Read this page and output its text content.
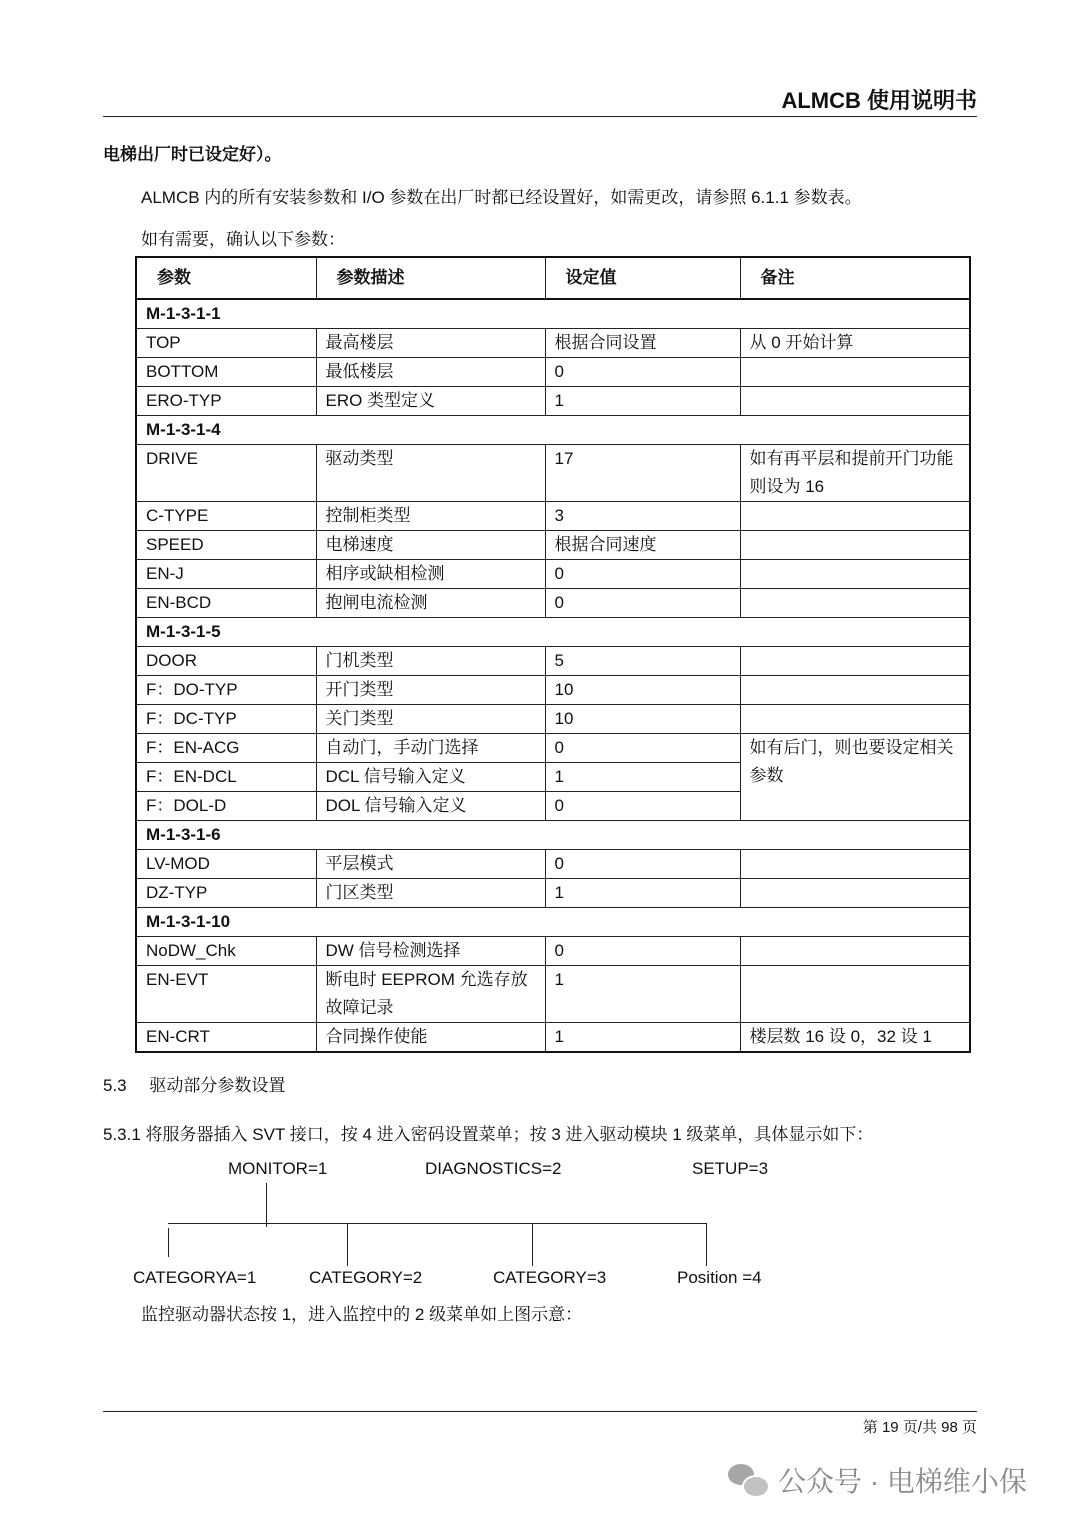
ALMCB 使用说明书
电梯出厂时已设定好）。
ALMCB 内的所有安装参数和 I/O 参数在出厂时都已经设置好，如需更改，请参照 6.1.1 参数表。
如有需要，确认以下参数：
参数	参数描述	设定值	备注
M-1-3-1-1			
TOP	最高楼层	根据合同设置	从 0 开始计算
BOTTOM	最低楼层	0	
ERO-TYP	ERO 类型定义	1	
M-1-3-1-4			
DRIVE	驱动类型	17	如有再平层和提前开门功能则设为 16
C-TYPE	控制柜类型	3	
SPEED	电梯速度	根据合同速度	
EN-J	相序或缺相检测	0	
EN-BCD	抱闸电流检测	0	
M-1-3-1-5			
DOOR	门机类型	5	
F：DO-TYP	开门类型	10	
F：DC-TYP	关门类型	10	
F：EN-ACG	自动门，手动门选择	0	如有后门，则也要设定相关参数
F：EN-DCL	DCL 信号输入定义	1	
F：DOL-D	DOL 信号输入定义	0	
M-1-3-1-6			
LV-MOD	平层模式	0	
DZ-TYP	门区类型	1	
M-1-3-1-10			
NoDW_Chk	DW 信号检测选择	0	
EN-EVT	断电时 EEPROM 允选存放故障记录	1	
EN-CRT	合同操作使能	1	楼层数 16 设 0，32 设 1
5.3 驱动部分参数设置
5.3.1 将服务器插入 SVT 接口，按 4 进入密码设置菜单；按 3 进入驱动模块 1 级菜单，具体显示如下：
MONITOR=1	DIAGNOSTICS=2	SETUP=3
CATEGORYA=1	CATEGORY=2	CATEGORY=3	Position =4
监控驱动器状态按 1，进入监控中的 2 级菜单如上图示意：
第 19 页/共 98 页
公众号 · 电梯维小保
